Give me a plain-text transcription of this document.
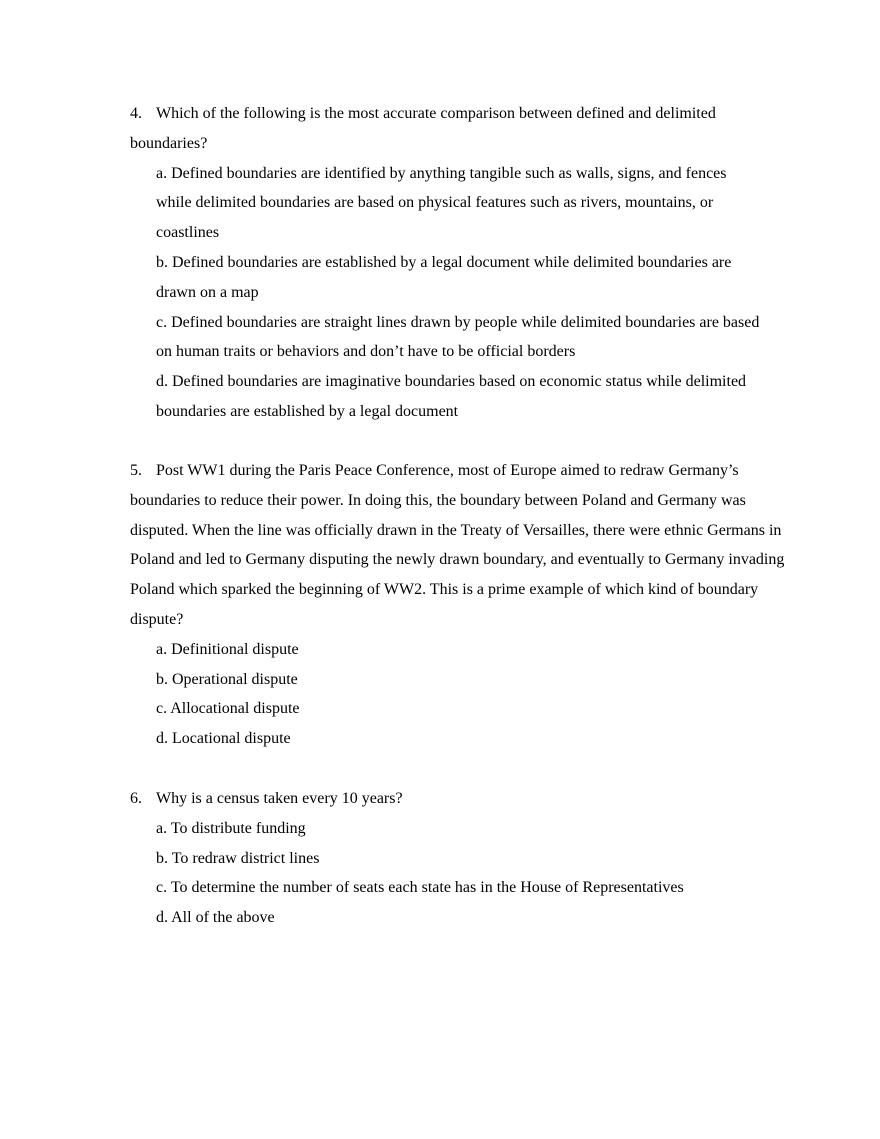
4. Which of the following is the most accurate comparison between defined and delimited boundaries?

a. Defined boundaries are identified by anything tangible such as walls, signs, and fences while delimited boundaries are based on physical features such as rivers, mountains, or coastlines
b. Defined boundaries are established by a legal document while delimited boundaries are drawn on a map
c. Defined boundaries are straight lines drawn by people while delimited boundaries are based on human traits or behaviors and don’t have to be official borders
d. Defined boundaries are imaginative boundaries based on economic status while delimited boundaries are established by a legal document

5. Post WW1 during the Paris Peace Conference, most of Europe aimed to redraw Germany’s boundaries to reduce their power. In doing this, the boundary between Poland and Germany was disputed. When the line was officially drawn in the Treaty of Versailles, there were ethnic Germans in Poland and led to Germany disputing the newly drawn boundary, and eventually to Germany invading Poland which sparked the beginning of WW2. This is a prime example of which kind of boundary dispute?

a. Definitional dispute
b. Operational dispute
c. Allocational dispute
d. Locational dispute

6. Why is a census taken every 10 years?

a. To distribute funding
b. To redraw district lines
c. To determine the number of seats each state has in the House of Representatives
d. All of the above
